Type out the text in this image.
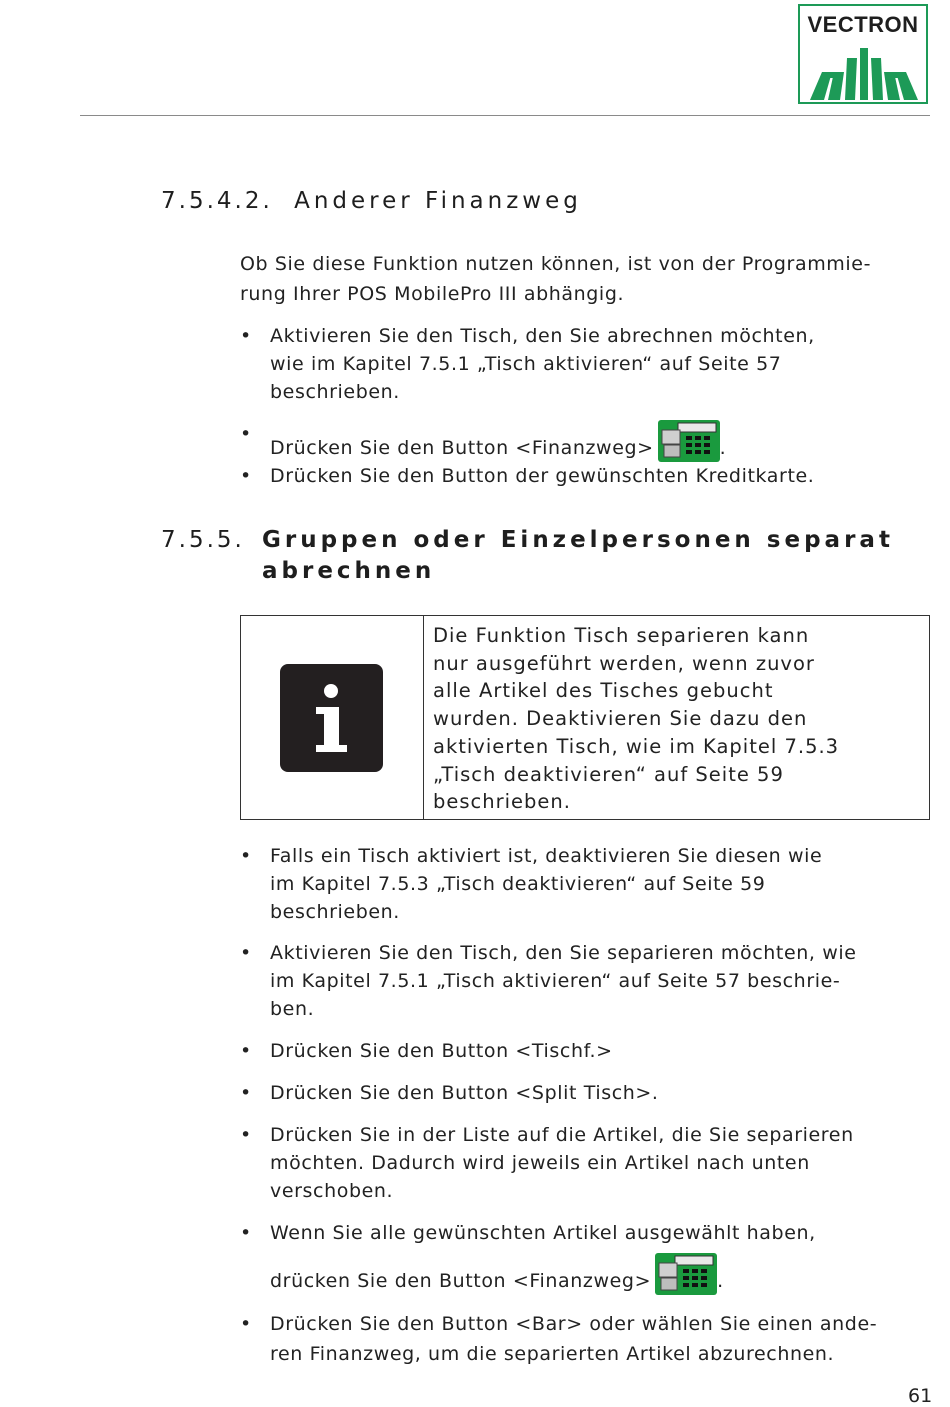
VECTRON
7.5.4.2. Anderer Finanzweg

Ob Sie diese Funktion nutzen können, ist von der Programmie-

rung Ihrer POS MobilePro III abhängig.

• Aktivieren Sie den Tisch, den Sie abrechnen möchten,
wie im Kapitel 7.5.1 „Tisch aktivieren“ auf Seite 57
beschrieben.
•
Drücken Sie den Button <Finanzweg>	.
• Drücken Sie den Button der gewünschten Kreditkarte.
7.5.5. Gruppen oder Einzelpersonen separat
abrechnen
Die Funktion Tisch separieren kann
nur ausgeführt werden, wenn zuvor
alle Artikel des Tisches gebucht
wurden. Deaktivieren Sie dazu den
aktivierten Tisch, wie im Kapitel 7.5.3
„Tisch deaktivieren“ auf Seite 59
beschrieben.
• Falls ein Tisch aktiviert ist, deaktivieren Sie diesen wie
im Kapitel 7.5.3 „Tisch deaktivieren“ auf Seite 59
beschrieben.
• Aktivieren Sie den Tisch, den Sie separieren möchten, wie
im Kapitel 7.5.1 „Tisch aktivieren“ auf Seite 57 beschrie-
ben.
• Drücken Sie den Button <Tischf.>
• Drücken Sie den Button <Split Tisch>.
• Drücken Sie in der Liste auf die Artikel, die Sie separieren
möchten. Dadurch wird jeweils ein Artikel nach unten
verschoben.
• Wenn Sie alle gewünschten Artikel ausgewählt haben,
drücken Sie den Button <Finanzweg>	.
• Drücken Sie den Button <Bar> oder wählen Sie einen ande-
ren Finanzweg, um die separierten Artikel abzurechnen.
61
